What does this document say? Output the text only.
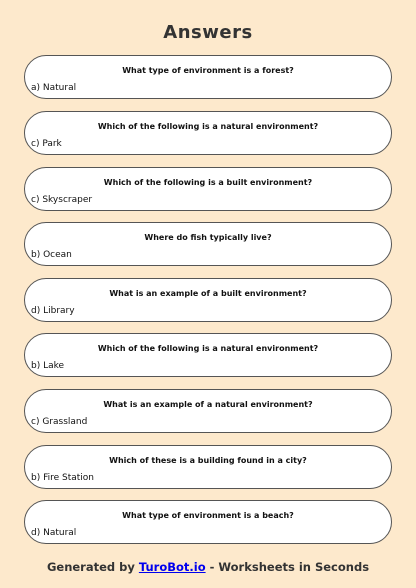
Answers
What type of environment is a forest?
a) Natural
Which of the following is a natural environment?
c) Park
Which of the following is a built environment?
c) Skyscraper
Where do fish typically live?
b) Ocean
What is an example of a built environment?
d) Library
Which of the following is a natural environment?
b) Lake
What is an example of a natural environment?
c) Grassland
Which of these is a building found in a city?
b) Fire Station
What type of environment is a beach?
d) Natural
Generated by TuroBot.io - Worksheets in Seconds
